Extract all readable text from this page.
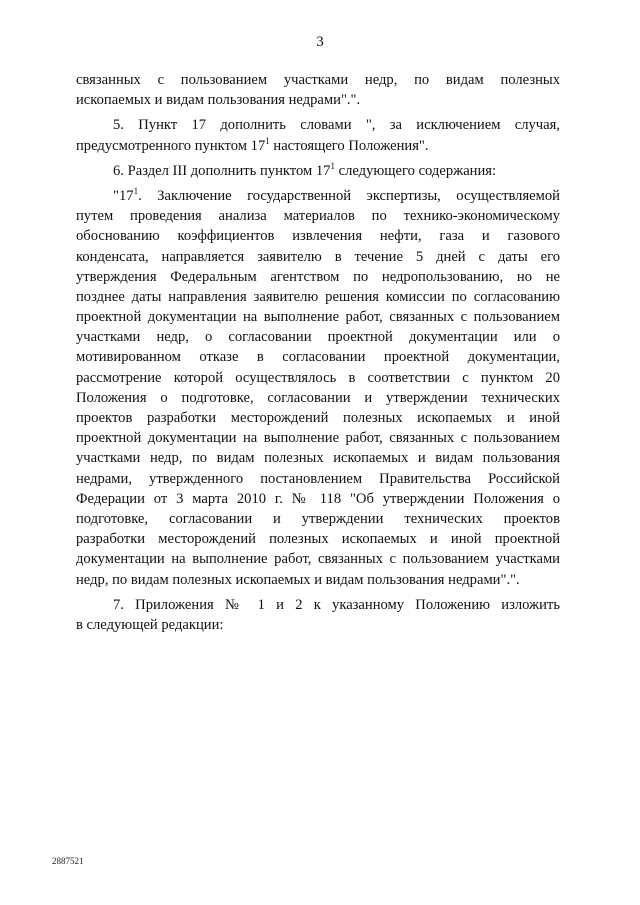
3
связанных с пользованием участками недр, по видам полезных
ископаемых и видам пользования недрами".".
5. Пункт 17 дополнить словами ", за исключением случая,
предусмотренного пунктом $17^1$ настоящего Положения".
6. Раздел III дополнить пунктом $17^1$ следующего содержания:
"$17^1$. Заключение государственной экспертизы, осуществляемой
путем проведения анализа материалов по технико-экономическому
обоснованию коэффициентов извлечения нефти, газа и газового
конденсата, направляется заявителю в течение 5 дней с даты его
утверждения Федеральным агентством по недропользованию, но не
позднее даты направления заявителю решения комиссии по согласованию
проектной документации на выполнение работ, связанных с пользованием
участками недр, о согласовании проектной документации или о
мотивированном отказе в согласовании проектной документации,
рассмотрение которой осуществлялось в соответствии с пунктом 20
Положения о подготовке, согласовании и утверждении технических
проектов разработки месторождений полезных ископаемых и иной
проектной документации на выполнение работ, связанных с пользованием
участками недр, по видам полезных ископаемых и видам пользования
недрами, утвержденного постановлением Правительства Российской
Федерации от 3 марта 2010 г. № 118 "Об утверждении Положения о
подготовке, согласовании и утверждении технических проектов
разработки месторождений полезных ископаемых и иной проектной
документации на выполнение работ, связанных с пользованием участками
недр, по видам полезных ископаемых и видам пользования недрами".".
7. Приложения № 1 и 2 к указанному Положению изложить
в следующей редакции:
2887521
